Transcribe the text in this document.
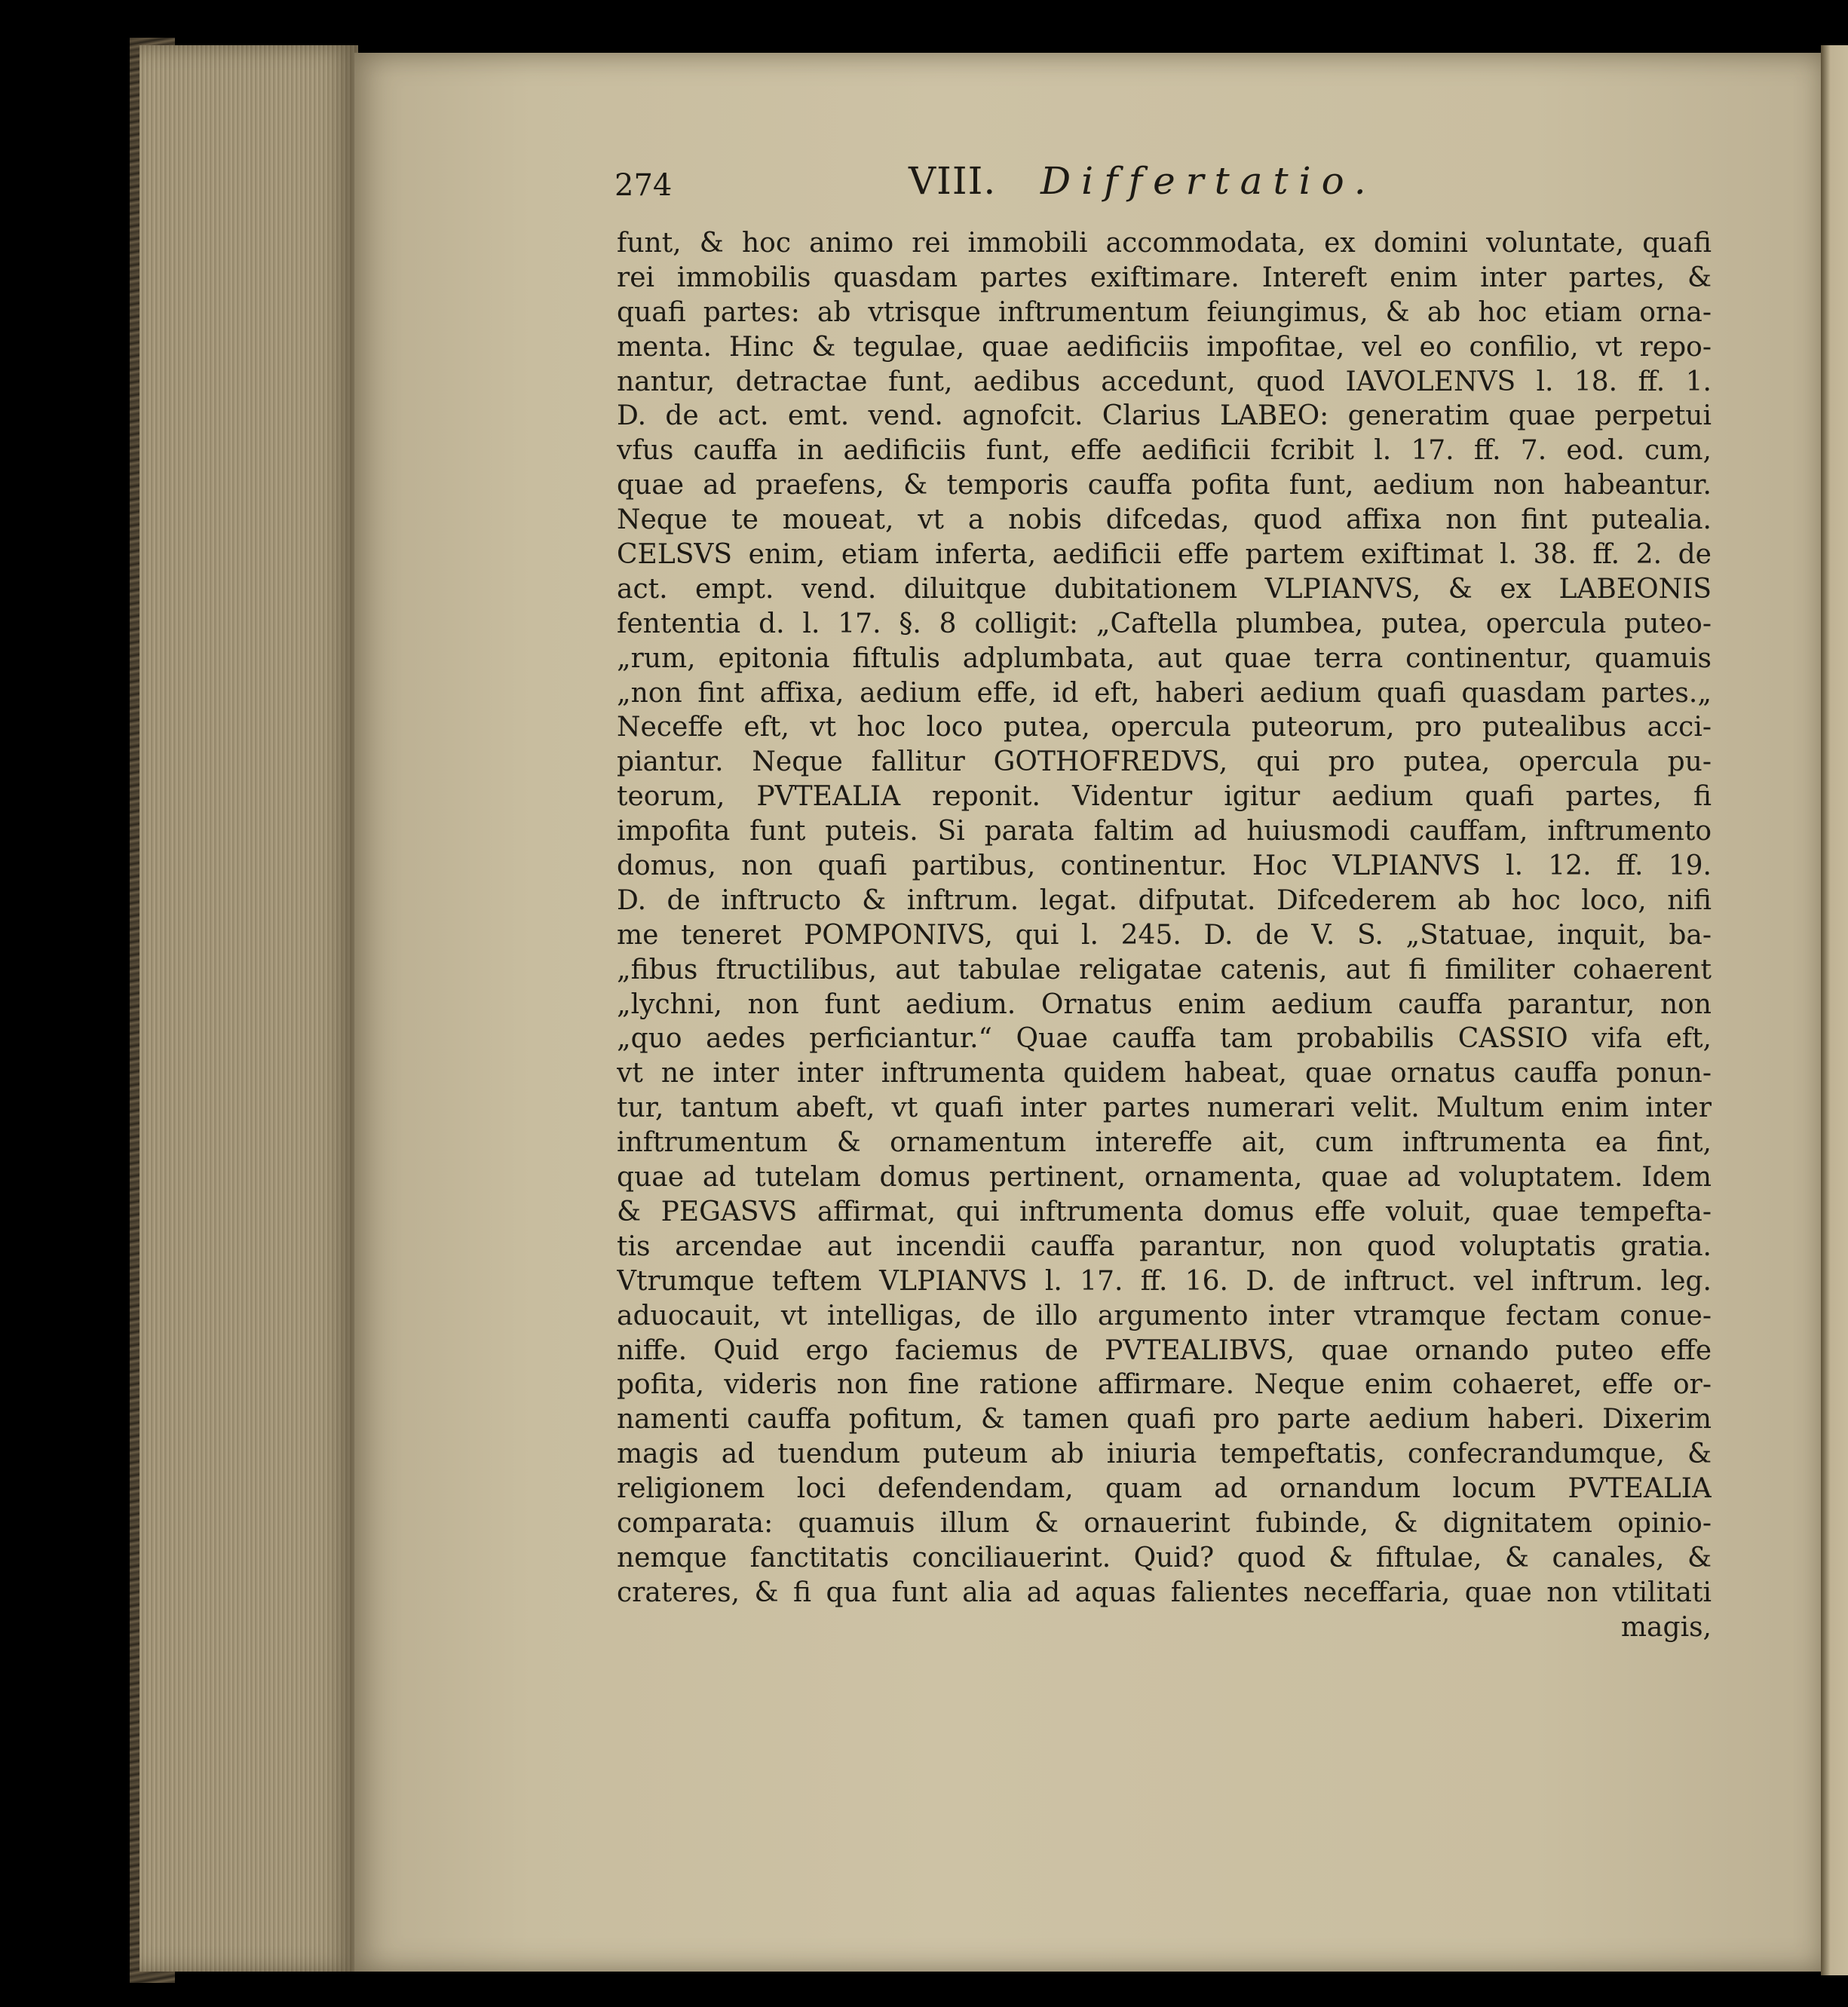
274	VIII. Differtatio.
funt, & hoc animo rei immobili accommodata, ex domini voluntate, quafi
rei immobilis quasdam partes exiftimare. Intereft enim inter partes, &
quafi partes: ab vtrisque inftrumentum feiungimus, & ab hoc etiam orna-
menta. Hinc & tegulae, quae aedificiis impofitae, vel eo confilio, vt repo-
nantur, detractae funt, aedibus accedunt, quod IAVOLENVS l. 18. ff. 1.
D. de act. emt. vend. agnofcit. Clarius LABEO: generatim quae perpetui
vfus cauffa in aedificiis funt, effe aedificii fcribit l. 17. ff. 7. eod. cum,
quae ad praefens, & temporis cauffa pofita funt, aedium non habeantur.
Neque te moueat, vt a nobis difcedas, quod affixa non fint putealia.
CELSVS enim, etiam inferta, aedificii effe partem exiftimat l. 38. ff. 2. de
act. empt. vend. diluitque dubitationem VLPIANVS, & ex LABEONIS
fententia d. l. 17. §. 8 colligit: „Caftella plumbea, putea, opercula puteo-
„rum, epitonia fiftulis adplumbata, aut quae terra continentur, quamuis
„non fint affixa, aedium effe, id eft, haberi aedium quafi quasdam partes.„
Neceffe eft, vt hoc loco putea, opercula puteorum, pro putealibus acci-
piantur. Neque fallitur GOTHOFREDVS, qui pro putea, opercula pu-
teorum, PVTEALIA reponit. Videntur igitur aedium quafi partes, fi
impofita funt puteis. Si parata faltim ad huiusmodi cauffam, inftrumento
domus, non quafi partibus, continentur. Hoc VLPIANVS l. 12. ff. 19.
D. de inftructo & inftrum. legat. difputat. Difcederem ab hoc loco, nifi
me teneret POMPONIVS, qui l. 245. D. de V. S. „Statuae, inquit, ba-
„fibus ftructilibus, aut tabulae religatae catenis, aut fi fimiliter cohaerent
„lychni, non funt aedium. Ornatus enim aedium cauffa parantur, non
„quo aedes perficiantur.“ Quae cauffa tam probabilis CASSIO vifa eft,
vt ne inter inter inftrumenta quidem habeat, quae ornatus cauffa ponun-
tur, tantum abeft, vt quafi inter partes numerari velit. Multum enim inter
inftrumentum & ornamentum intereffe ait, cum inftrumenta ea fint,
quae ad tutelam domus pertinent, ornamenta, quae ad voluptatem. Idem
& PEGASVS affirmat, qui inftrumenta domus effe voluit, quae tempefta-
tis arcendae aut incendii cauffa parantur, non quod voluptatis gratia.
Vtrumque teftem VLPIANVS l. 17. ff. 16. D. de inftruct. vel inftrum. leg.
aduocauit, vt intelligas, de illo argumento inter vtramque fectam conue-
niffe. Quid ergo faciemus de PVTEALIBVS, quae ornando puteo effe
pofita, videris non fine ratione affirmare. Neque enim cohaeret, effe or-
namenti cauffa pofitum, & tamen quafi pro parte aedium haberi. Dixerim
magis ad tuendum puteum ab iniuria tempeftatis, confecrandumque, &
religionem loci defendendam, quam ad ornandum locum PVTEALIA
comparata: quamuis illum & ornauerint fubinde, & dignitatem opinio-
nemque fanctitatis conciliauerint. Quid? quod & fiftulae, & canales, &
crateres, & fi qua funt alia ad aquas falientes neceffaria, quae non vtilitati
magis,
